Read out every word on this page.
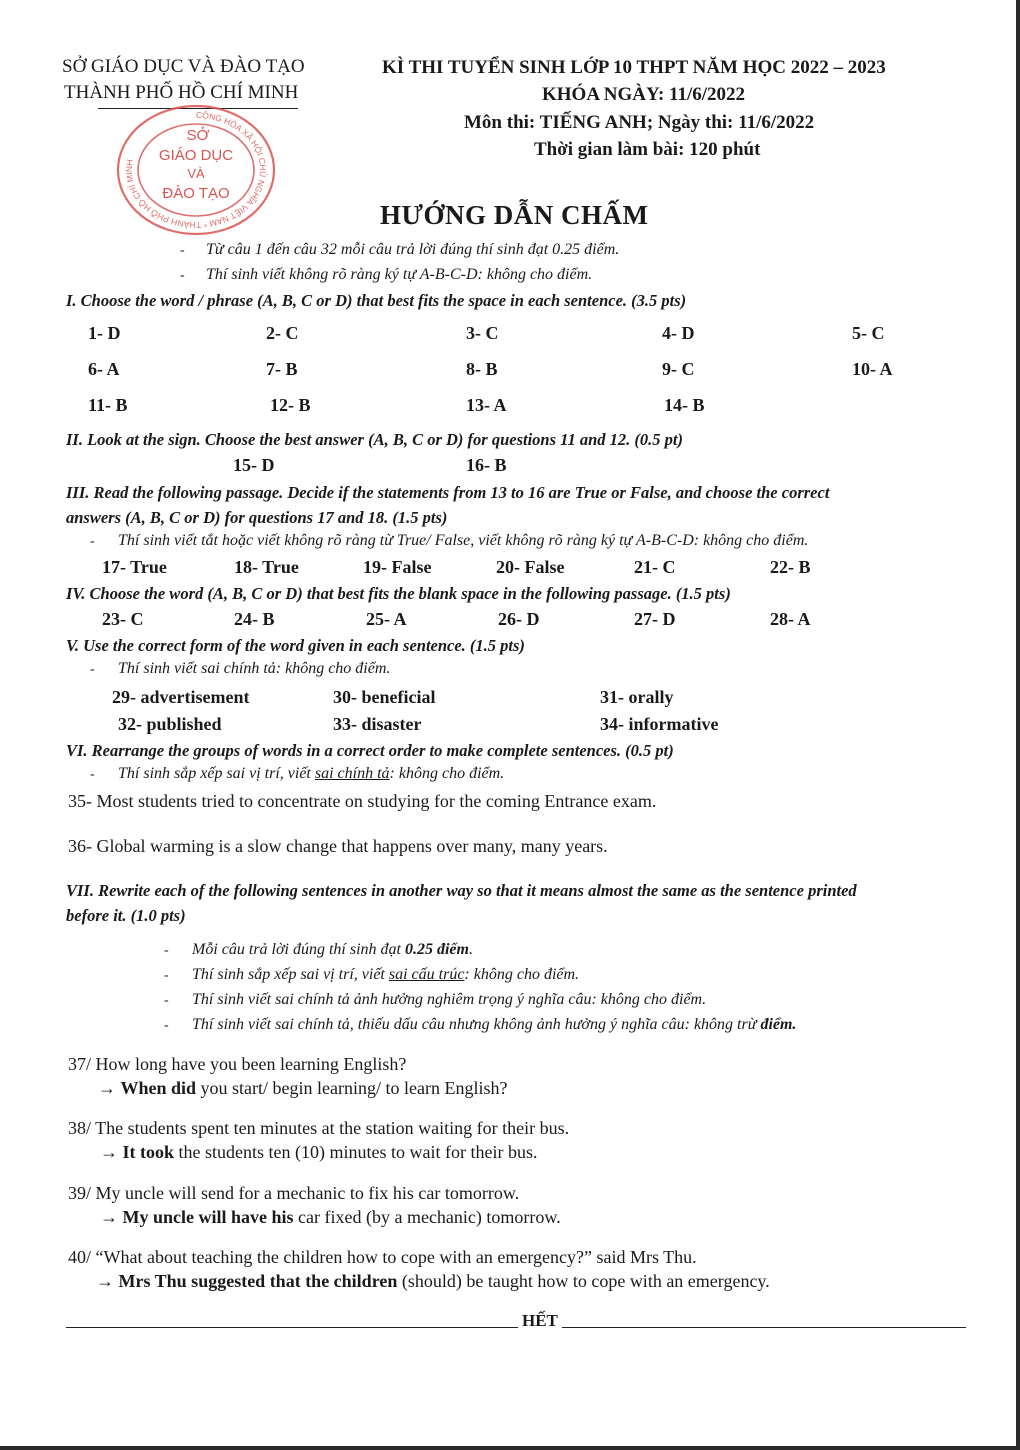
SỞ GIÁO DỤC VÀ ĐÀO TẠO
THÀNH PHỐ HỒ CHÍ MINH
KÌ THI TUYỂN SINH LỚP 10 THPT NĂM HỌC 2022 – 2023
KHÓA NGÀY: 11/6/2022
Môn thi: TIẾNG ANH; Ngày thi: 11/6/2022
Thời gian làm bài: 120 phút
CỘNG HÒA XÃ HỘI CHỦ NGHĨA VIỆT NAM * THÀNH PHỐ HỒ CHÍ MINH
SỞ
GIÁO DỤC
VÀ
ĐÀO TẠO
HƯỚNG DẪN CHẤM
- Từ câu 1 đến câu 32 mỗi câu trả lời đúng thí sinh đạt 0.25 điểm.
- Thí sinh viết không rõ ràng ký tự A-B-C-D: không cho điểm.
I. Choose the word / phrase (A, B, C or D) that best fits the space in each sentence. (3.5 pts)
1- D	2- C	3- C	4- D	5- C
6- A	7- B	8- B	9- C	10- A
11- B	12- B	13- A	14- B
II. Look at the sign. Choose the best answer (A, B, C or D) for questions 11 and 12. (0.5 pt)
15- D	16- B
III. Read the following passage. Decide if the statements from 13 to 16 are True or False, and choose the correct
answers (A, B, C or D) for questions 17 and 18. (1.5 pts)
- Thí sinh viết tắt hoặc viết không rõ ràng từ True/ False, viết không rõ ràng ký tự A-B-C-D: không cho điểm.
17- True	18- True	19- False	20- False	21- C	22- B
IV. Choose the word (A, B, C or D) that best fits the blank space in the following passage. (1.5 pts)
23- C	24- B	25- A	26- D	27- D	28- A
V. Use the correct form of the word given in each sentence. (1.5 pts)
- Thí sinh viết sai chính tả: không cho điểm.
29- advertisement	30- beneficial	31- orally
32- published	33- disaster	34- informative
VI. Rearrange the groups of words in a correct order to make complete sentences. (0.5 pt)
- Thí sinh sắp xếp sai vị trí, viết sai chính tả: không cho điểm.
35- Most students tried to concentrate on studying for the coming Entrance exam.
36- Global warming is a slow change that happens over many, many years.
VII. Rewrite each of the following sentences in another way so that it means almost the same as the sentence printed
before it. (1.0 pts)
- Mỗi câu trả lời đúng thí sinh đạt 0.25 điểm.
- Thí sinh sắp xếp sai vị trí, viết sai cấu trúc: không cho điểm.
- Thí sinh viết sai chính tả ảnh hưởng nghiêm trọng ý nghĩa câu: không cho điểm.
- Thí sinh viết sai chính tả, thiếu dấu câu nhưng không ảnh hưởng ý nghĩa câu: không trừ điểm.
37/ How long have you been learning English?
→ When did you start/ begin learning/ to learn English?
38/ The students spent ten minutes at the station waiting for their bus.
→ It took the students ten (10) minutes to wait for their bus.
39/ My uncle will send for a mechanic to fix his car tomorrow.
→ My uncle will have his car fixed (by a mechanic) tomorrow.
40/ “What about teaching the children how to cope with an emergency?” said Mrs Thu.
→ Mrs Thu suggested that the children (should) be taught how to cope with an emergency.
HẾT
